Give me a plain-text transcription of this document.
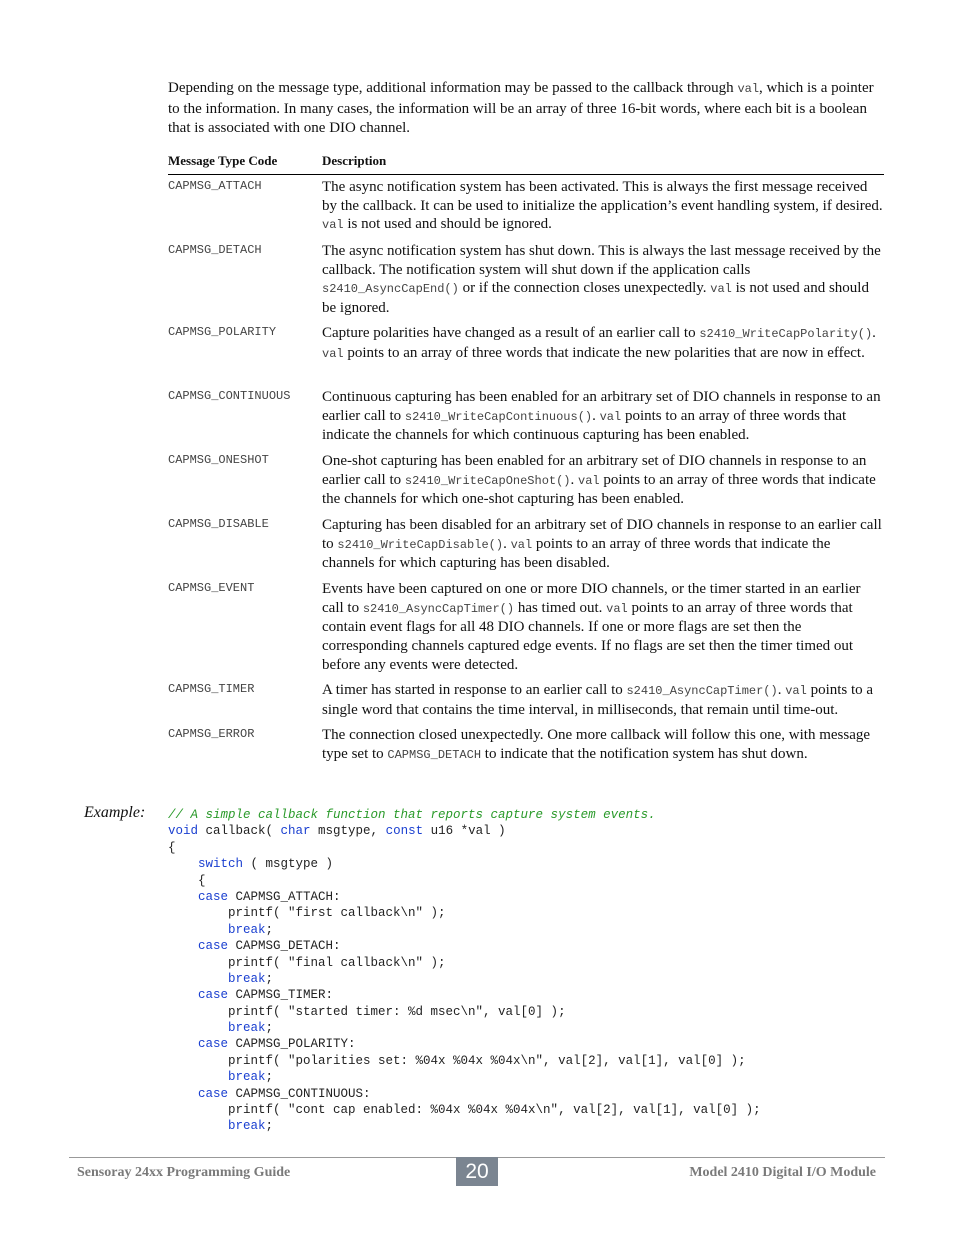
Depending on the message type, additional information may be passed to the callback through val, which is a pointer to the information. In many cases, the information will be an array of three 16-bit words, where each bit is a boolean that is associated with one DIO channel.

Message Type Code	Description
CAPMSG_ATTACH	The async notification system has been activated. This is always the first message received by the callback. It can be used to initialize the application’s event handling system, if desired. val is not used and should be ignored.
CAPMSG_DETACH	The async notification system has shut down. This is always the last message received by the callback. The notification system will shut down if the application calls s2410_AsyncCapEnd() or if the connection closes unexpectedly. val is not used and should be ignored.
CAPMSG_POLARITY	Capture polarities have changed as a result of an earlier call to s2410_WriteCapPolarity(). val points to an array of three words that indicate the new polarities that are now in effect.
CAPMSG_CONTINUOUS Continuous capturing has been enabled for an arbitrary set of DIO channels in response to an earlier call to s2410_WriteCapContinuous(). val points to an array of three words that indicate the channels for which continuous capturing has been enabled.
CAPMSG_ONESHOT	One-shot capturing has been enabled for an arbitrary set of DIO channels in response to an earlier call to s2410_WriteCapOneShot(). val points to an array of three words that indicate the channels for which one-shot capturing has been enabled.
CAPMSG_DISABLE	Capturing has been disabled for an arbitrary set of DIO channels in response to an earlier call to s2410_WriteCapDisable(). val points to an array of three words that indicate the channels for which capturing has been disabled.
CAPMSG_EVENT	Events have been captured on one or more DIO channels, or the timer started in an earlier call to s2410_AsyncCapTimer() has timed out. val points to an array of three words that contain event flags for all 48 DIO channels. If one or more flags are set then the corresponding channels captured edge events. If no flags are set then the timer timed out before any events were detected.
CAPMSG_TIMER	A timer has started in response to an earlier call to s2410_AsyncCapTimer(). val points to a single word that contains the time interval, in milliseconds, that remain until time-out.
CAPMSG_ERROR	The connection closed unexpectedly. One more callback will follow this one, with message type set to CAPMSG_DETACH to indicate that the notification system has shut down.
Example: // A simple callback function that reports capture system events.
void callback( char msgtype, const u16 *val )
{
switch ( msgtype )
{
case CAPMSG_ATTACH:
printf( "first callback\n" );
break;
case CAPMSG_DETACH:
printf( "final callback\n" );
break;
case CAPMSG_TIMER:
printf( "started timer: %d msec\n", val[0] );
break;
case CAPMSG_POLARITY:
printf( "polarities set: %04x %04x %04x\n", val[2], val[1], val[0] );
break;
case CAPMSG_CONTINUOUS:
printf( "cont cap enabled: %04x %04x %04x\n", val[2], val[1], val[0] );
break;
Sensoray 24xx Programming Guide	20	Model 2410 Digital I/O Module
